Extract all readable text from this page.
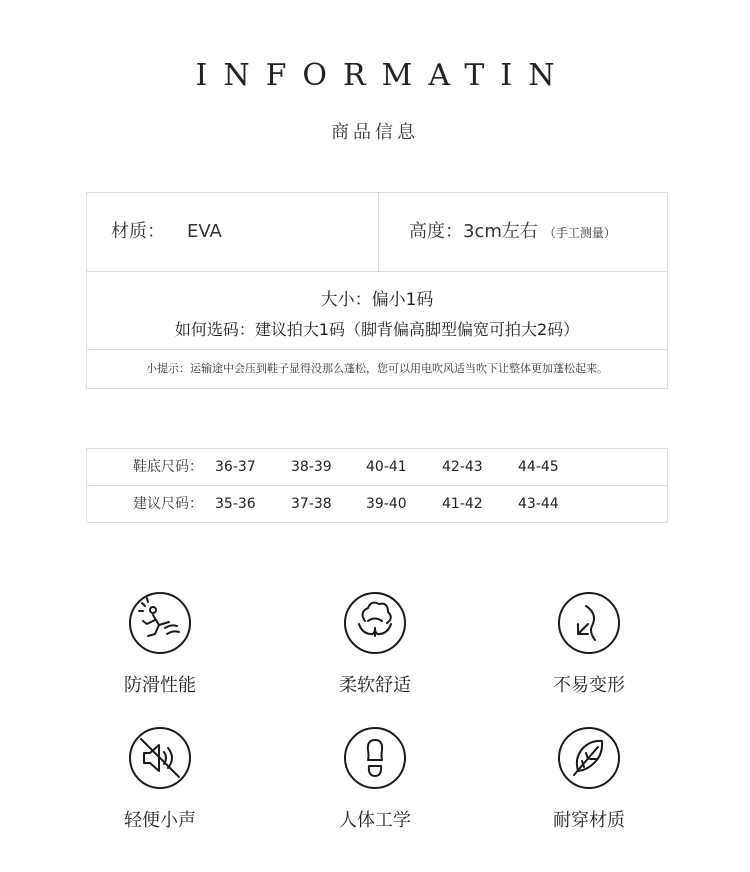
INFORMATIN
商品信息
材质： EVA	高度：3cm左右 （手工测量）
大小：偏小1码
如何选码：建议拍大1码（脚背偏高脚型偏宽可拍大2码）
小提示：运输途中会压到鞋子显得没那么蓬松，您可以用电吹风适当吹下让整体更加蓬松起来。
鞋底尺码： 36-37	38-39 40-41	42-43	44-45
建议尺码： 35-36	37-38 39-40	41-42	43-44
防滑性能	柔软舒适	不易变形
轻便小声	人体工学	耐穿材质
